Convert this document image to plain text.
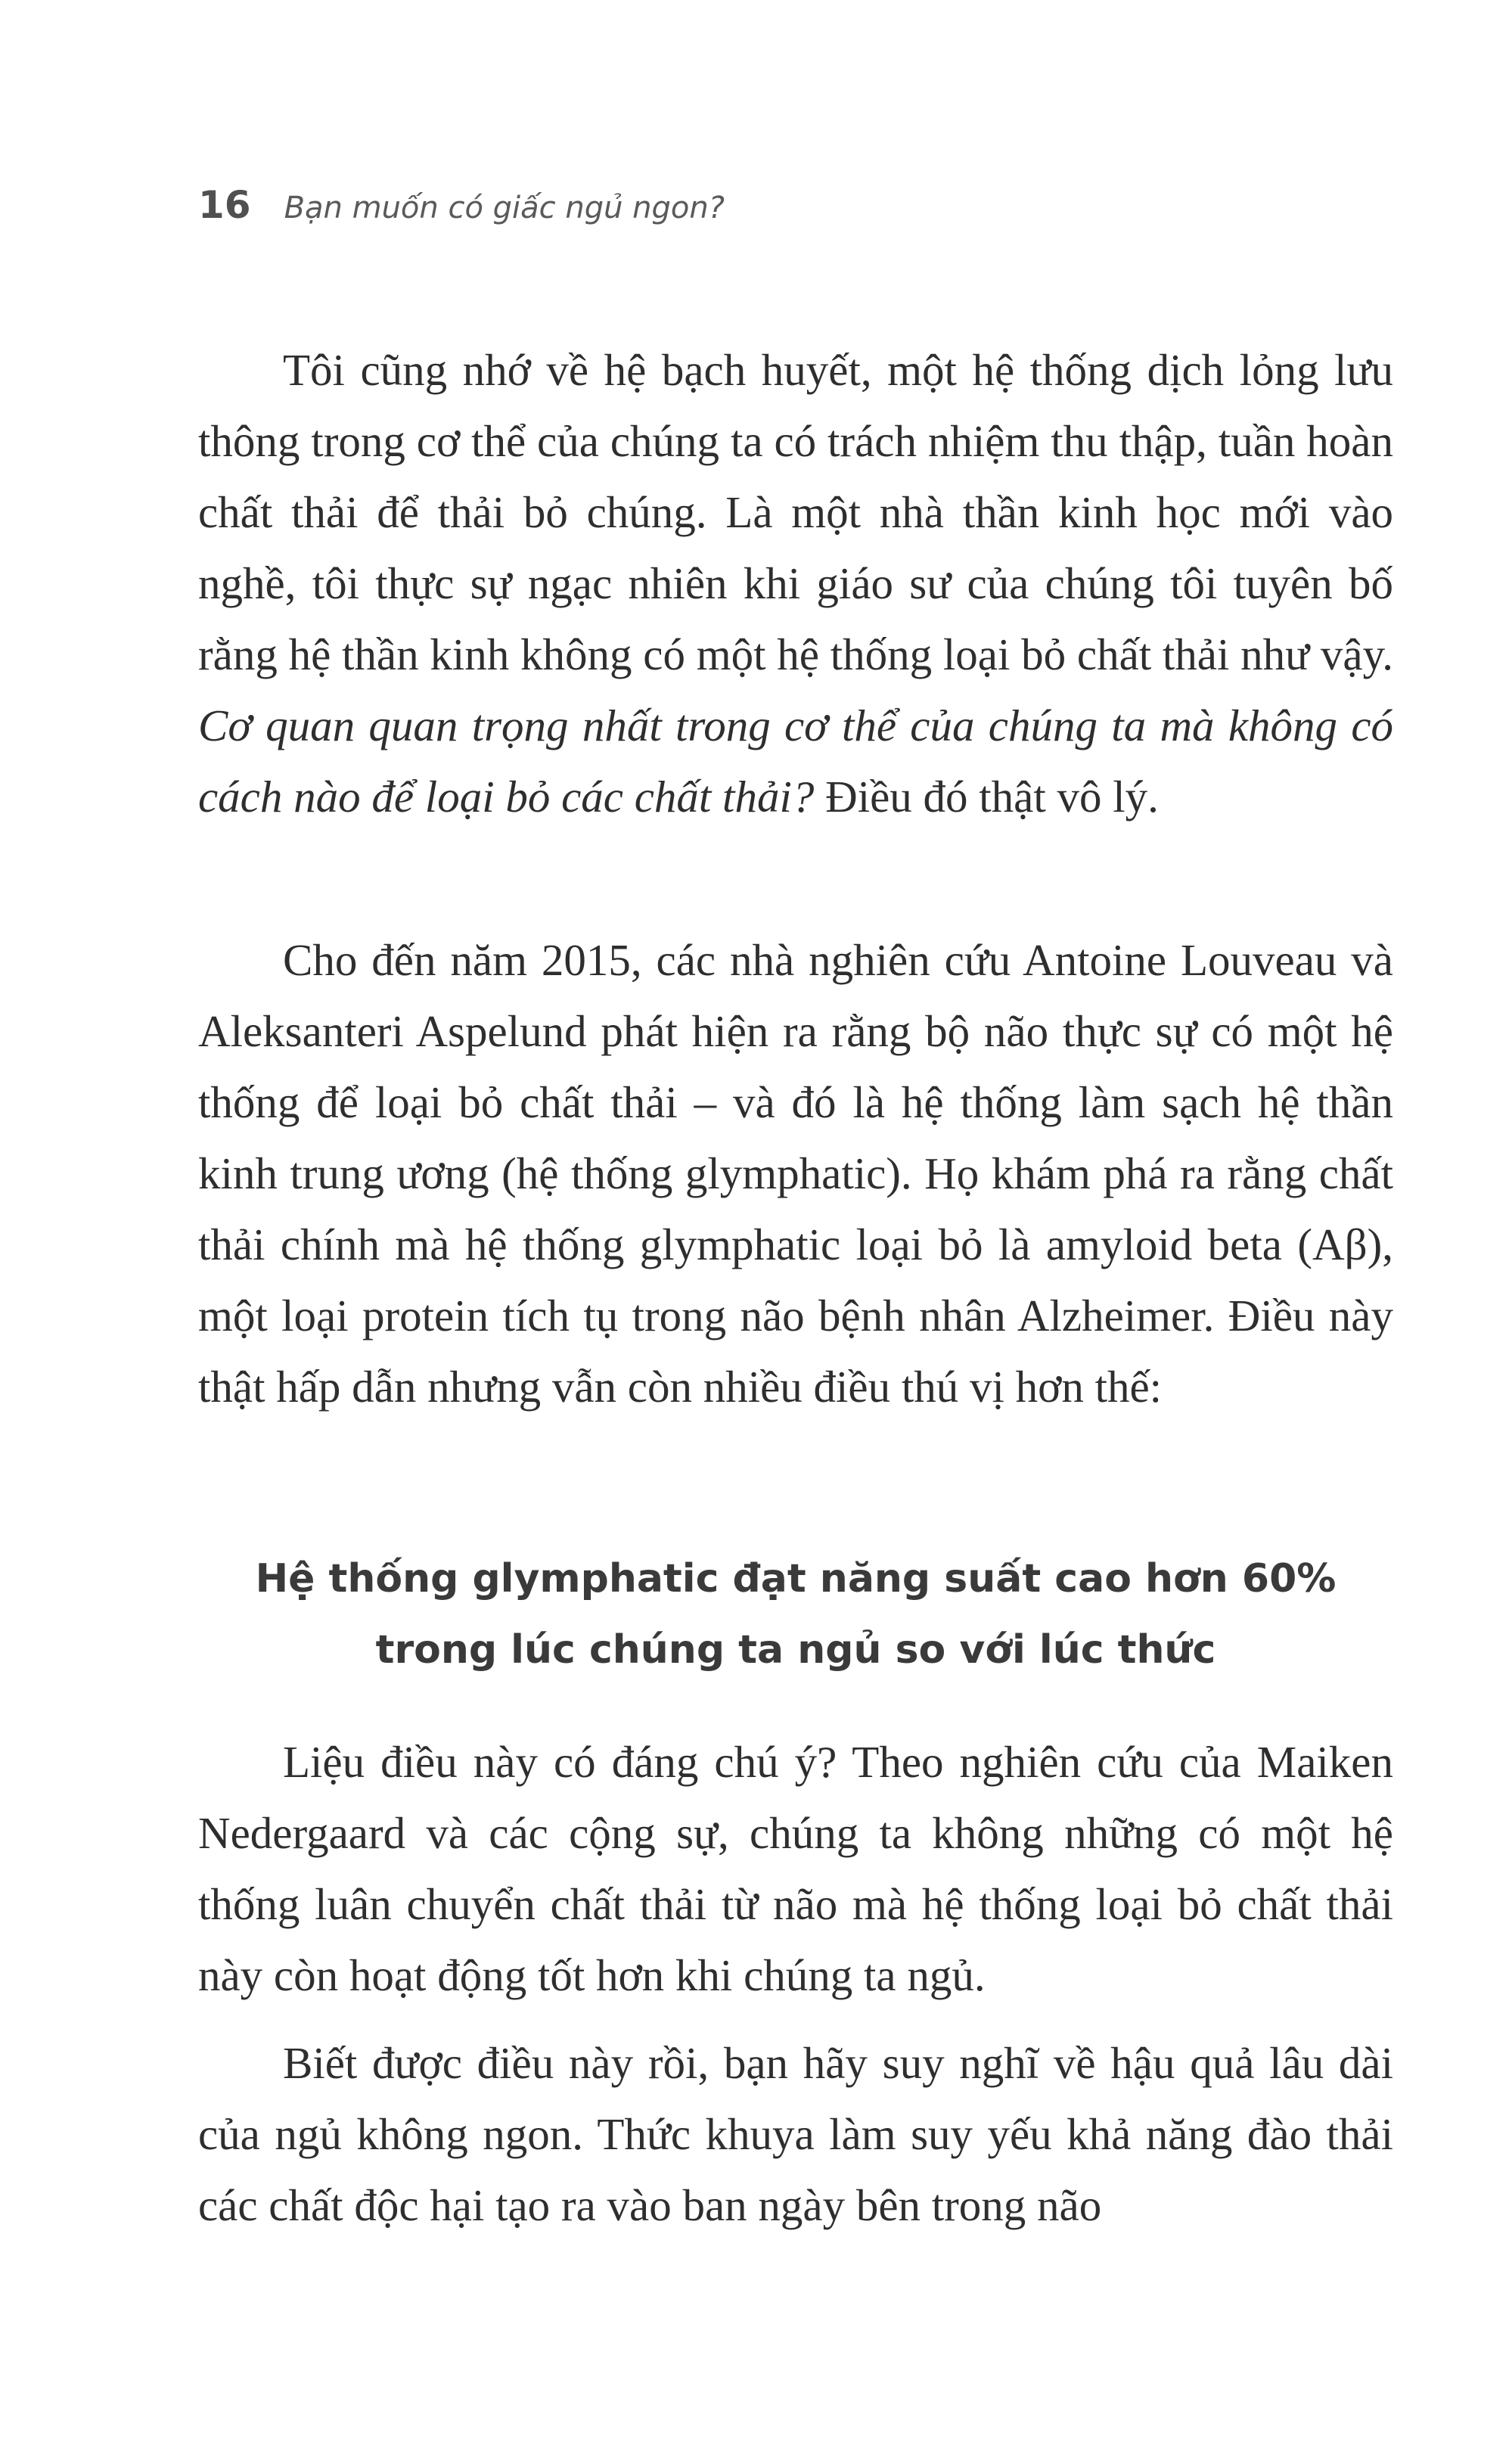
16 Bạn muốn có giấc ngủ ngon?

Tôi cũng nhớ về hệ bạch huyết, một hệ thống dịch lỏng lưu thông trong cơ thể của chúng ta có trách nhiệm thu thập, tuần hoàn chất thải để thải bỏ chúng. Là một nhà thần kinh học mới vào nghề, tôi thực sự ngạc nhiên khi giáo sư của chúng tôi tuyên bố rằng hệ thần kinh không có một hệ thống loại bỏ chất thải như vậy. Cơ quan quan trọng nhất trong cơ thể của chúng ta mà không có cách nào để loại bỏ các chất thải? Điều đó thật vô lý.

Cho đến năm 2015, các nhà nghiên cứu Antoine Louveau và Aleksanteri Aspelund phát hiện ra rằng bộ não thực sự có một hệ thống để loại bỏ chất thải – và đó là hệ thống làm sạch hệ thần kinh trung ương (hệ thống glymphatic). Họ khám phá ra rằng chất thải chính mà hệ thống glymphatic loại bỏ là amyloid beta (Aβ), một loại protein tích tụ trong não bệnh nhân Alzheimer. Điều này thật hấp dẫn nhưng vẫn còn nhiều điều thú vị hơn thế:

Hệ thống glymphatic đạt năng suất cao hơn 60%
trong lúc chúng ta ngủ so với lúc thức

Liệu điều này có đáng chú ý? Theo nghiên cứu của Maiken Nedergaard và các cộng sự, chúng ta không những có một hệ thống luân chuyển chất thải từ não mà hệ thống loại bỏ chất thải này còn hoạt động tốt hơn khi chúng ta ngủ.

Biết được điều này rồi, bạn hãy suy nghĩ về hậu quả lâu dài của ngủ không ngon. Thức khuya làm suy yếu khả năng đào thải các chất độc hại tạo ra vào ban ngày bên trong não
